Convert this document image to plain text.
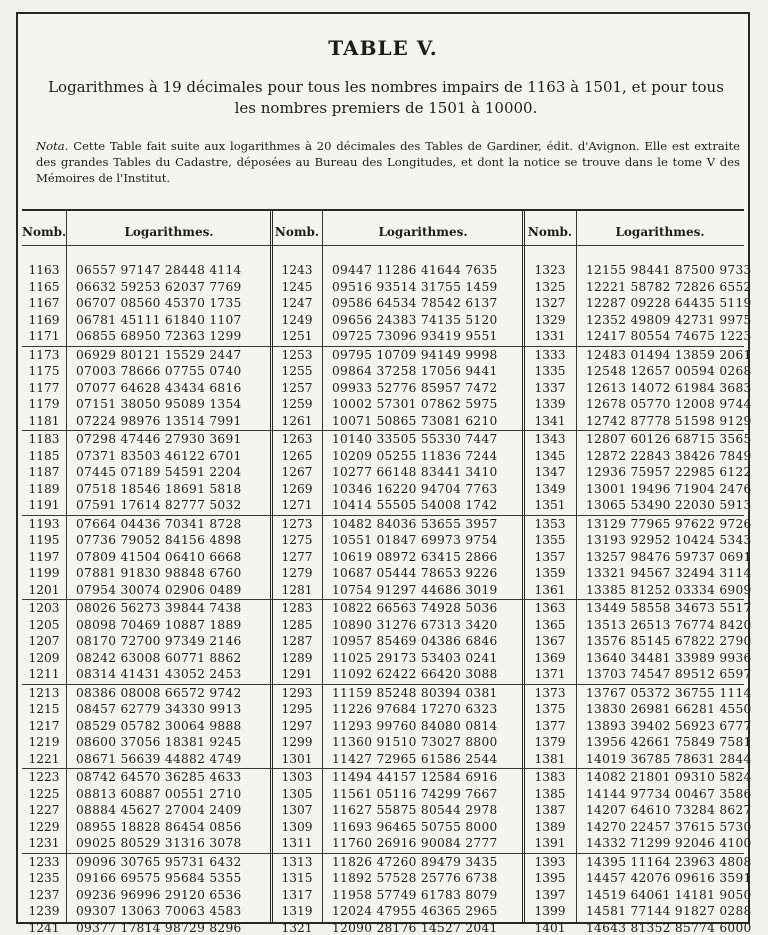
TABLE V.
Logarithmes à 19 décimales pour tous les nombres impairs de 1163 à 1501, et pour tous les nombres premiers de 1501 à 10000.
Nota. Cette Table fait suite aux logarithmes à 20 décimales des Tables de Gardiner, édit. d'Avignon. Elle est extraite des grandes Tables du Cadastre, déposées au Bureau des Longitudes, et dont la notice se trouve dans le tome V des Mémoires de l'Institut.
Nomb.	Logarithmes.	Nomb.	Logarithmes.	Nomb.	Logarithmes.
1163	06557 97147 28448 4114
1165	06632 59253 62037 7769
1167	06707 08560 45370 1735
1169	06781 45111 61840 1107
1171	06855 68950 72363 1299
1173	06929 80121 15529 2447
1175	07003 78666 07755 0740
1177	07077 64628 43434 6816
1179	07151 38050 95089 1354
1181	07224 98976 13514 7991
1183	07298 47446 27930 3691
1185	07371 83503 46122 6701
1187	07445 07189 54591 2204
1189	07518 18546 18691 5818
1191	07591 17614 82777 5032
1193	07664 04436 70341 8728
1195	07736 79052 84156 4898
1197	07809 41504 06410 6668
1199	07881 91830 98848 6760
1201	07954 30074 02906 0489
1203	08026 56273 39844 7438
1205	08098 70469 10887 1889
1207	08170 72700 97349 2146
1209	08242 63008 60771 8862
1211	08314 41431 43052 2453
1213	08386 08008 66572 9742
1215	08457 62779 34330 9913
1217	08529 05782 30064 9888
1219	08600 37056 18381 9245
1221	08671 56639 44882 4749
1223	08742 64570 36285 4633
1225	08813 60887 00551 2710
1227	08884 45627 27004 2409
1229	08955 18828 86454 0856
1231	09025 80529 31316 3078
1233	09096 30765 95731 6432
1235	09166 69575 95684 5355
1237	09236 96996 29120 6536
1239	09307 13063 70063 4583
1241	09377 17814 98729 8296
1243	09447 11286 41644 7635
1245	09516 93514 31755 1459
1247	09586 64534 78542 6137
1249	09656 24383 74135 5120
1251	09725 73096 93419 9551
1253	09795 10709 94149 9998
1255	09864 37258 17056 9441
1257	09933 52776 85957 7472
1259	10002 57301 07862 5975
1261	10071 50865 73081 6210
1263	10140 33505 55330 7447
1265	10209 05255 11836 7244
1267	10277 66148 83441 3410
1269	10346 16220 94704 7763
1271	10414 55505 54008 1742
1273	10482 84036 53655 3957
1275	10551 01847 69973 9754
1277	10619 08972 63415 2866
1279	10687 05444 78653 9226
1281	10754 91297 44686 3019
1283	10822 66563 74928 5036
1285	10890 31276 67313 3420
1287	10957 85469 04386 6846
1289	11025 29173 53403 0241
1291	11092 62422 66420 3088
1293	11159 85248 80394 0381
1295	11226 97684 17270 6323
1297	11293 99760 84080 0814
1299	11360 91510 73027 8800
1301	11427 72965 61586 2544
1303	11494 44157 12584 6916
1305	11561 05116 74299 7667
1307	11627 55875 80544 2978
1309	11693 96465 50755 8000
1311	11760 26916 90084 2777
1313	11826 47260 89479 3435
1315	11892 57528 25776 6738
1317	11958 57749 61783 8079
1319	12024 47955 46365 2965
1321	12090 28176 14527 2041
1323	12155 98441 87500 9733
1325	12221 58782 72826 6552
1327	12287 09228 64435 5119
1329	12352 49809 42731 9975
1331	12417 80554 74675 1223
1333	12483 01494 13859 2061
1335	12548 12657 00594 0268
1337	12613 14072 61984 3683
1339	12678 05770 12008 9744
1341	12742 87778 51598 9129
1343	12807 60126 68715 3565
1345	12872 22843 38426 7849
1347	12936 75957 22985 6122
1349	13001 19496 71904 2476
1351	13065 53490 22030 5913
1353	13129 77965 97622 9726
1355	13193 92952 10424 5343
1357	13257 98476 59737 0691
1359	13321 94567 32494 3114
1361	13385 81252 03334 6909
1363	13449 58558 34673 5517
1365	13513 26513 76774 8420
1367	13576 85145 67822 2790
1369	13640 34481 33989 9936
1371	13703 74547 89512 6597
1373	13767 05372 36755 1114
1375	13830 26981 66281 4550
1377	13893 39402 56923 6777
1379	13956 42661 75849 7581
1381	14019 36785 78631 2844
1383	14082 21801 09310 5824
1385	14144 97734 00467 3586
1387	14207 64610 73284 8627
1389	14270 22457 37615 5730
1391	14332 71299 92046 4100
1393	14395 11164 23963 4808
1395	14457 42076 09616 3591
1397	14519 64061 14181 9050
1399	14581 77144 91827 0288
1401	14643 81352 85774 6000
